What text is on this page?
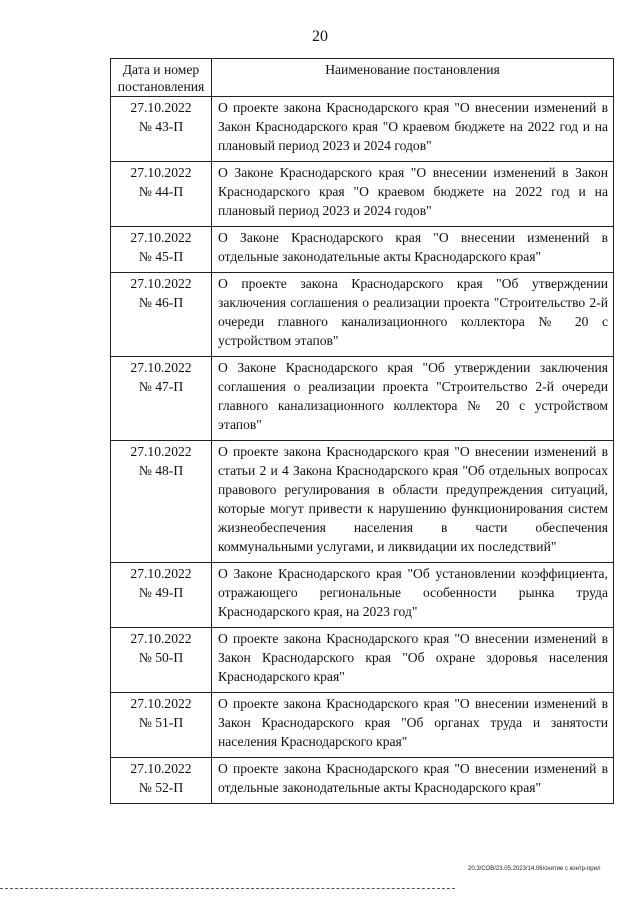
20
Дата и номер постановления	Наименование постановления

27.10.2022
№ 43-П	О проекте закона Краснодарского края "О внесении изменений в Закон Краснодарского края "О краевом бюджете на 2022 год и на плановый период 2023 и 2024 годов"

27.10.2022
№ 44-П	О Законе Краснодарского края "О внесении изменений в Закон Краснодарского края "О краевом бюджете на 2022 год и на плановый период 2023 и 2024 годов"

27.10.2022
№ 45-П	О Законе Краснодарского края "О внесении изменений в отдельные законодательные акты Краснодарского края"

27.10.2022
№ 46-П	О проекте закона Краснодарского края "Об утверждении заключения соглашения о реализации проекта "Строительство 2-й очереди главного канализационного коллектора № 20 с устройством этапов"

27.10.2022
№ 47-П	О Законе Краснодарского края "Об утверждении заключения соглашения о реализации проекта "Строительство 2-й очереди главного канализационного коллектора № 20 с устройством этапов"

27.10.2022
№ 48-П	О проекте закона Краснодарского края "О внесении изменений в статьи 2 и 4 Закона Краснодарского края "Об отдельных вопросах правового регулирования в области предупреждения ситуаций, которые могут привести к нарушению функционирования систем жизнеобеспечения населения в части обеспечения коммунальными услугами, и ликвидации их последствий"

27.10.2022
№ 49-П	О Законе Краснодарского края "Об установлении коэффициента, отражающего региональные особенности рынка труда Краснодарского края, на 2023 год"

27.10.2022
№ 50-П	О проекте закона Краснодарского края "О внесении изменений в Закон Краснодарского края "Об охране здоровья населения Краснодарского края"

27.10.2022
№ 51-П	О проекте закона Краснодарского края "О внесении изменений в Закон Краснодарского края "Об органах труда и занятости населения Краснодарского края"

27.10.2022
№ 52-П	О проекте закона Краснодарского края "О внесении изменений в отдельные законодательные акты Краснодарского края"
20.3/СОВ/23.05.2023/14.06/снятие с контр-прил
